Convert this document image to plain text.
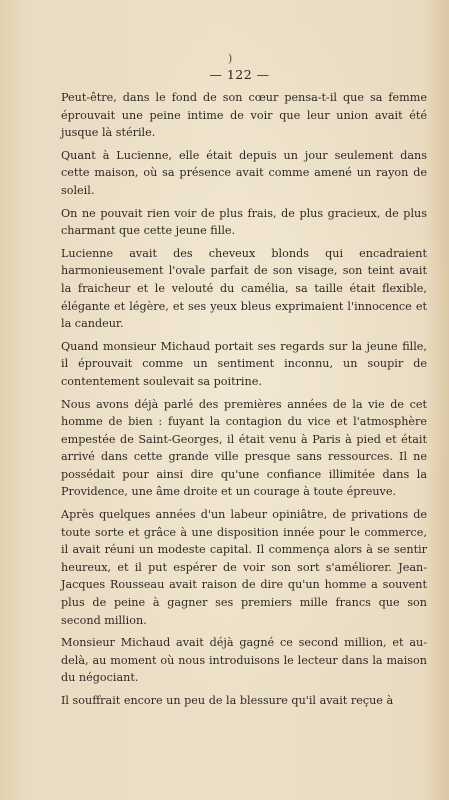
)
— 122 —

Peut-être, dans le fond de son cœur pensa-t-il que sa femme éprouvait une peine intime de voir que leur union avait été jusque là stérile.

Quant à Lucienne, elle était depuis un jour seulement dans cette maison, où sa présence avait comme amené un rayon de soleil.

On ne pouvait rien voir de plus frais, de plus gracieux, de plus charmant que cette jeune fille.

Lucienne avait des cheveux blonds qui encadraient harmonieusement l'ovale parfait de son visage, son teint avait la fraicheur et le velouté du camélia, sa taille était flexible, élégante et légère, et ses yeux bleus exprimaient l'innocence et la candeur.

Quand monsieur Michaud portait ses regards sur la jeune fille, il éprouvait comme un sentiment inconnu, un soupir de contentement soulevait sa poitrine.

Nous avons déjà parlé des premières années de la vie de cet homme de bien : fuyant la contagion du vice et l'atmosphère empestée de Saint-Georges, il était venu à Paris à pied et était arrivé dans cette grande ville presque sans ressources. Il ne possédait pour ainsi dire qu'une confiance illimitée dans la Providence, une âme droite et un courage à toute épreuve.

Après quelques années d'un labeur opiniâtre, de privations de toute sorte et grâce à une disposition innée pour le commerce, il avait réuni un modeste capital. Il commença alors à se sentir heureux, et il put espérer de voir son sort s'améliorer. Jean-Jacques Rousseau avait raison de dire qu'un homme a souvent plus de peine à gagner ses premiers mille francs que son second million.

Monsieur Michaud avait déjà gagné ce second million, et au-delà, au moment où nous introduisons le lecteur dans la maison du négociant.

Il souffrait encore un peu de la blessure qu'il avait reçue à
